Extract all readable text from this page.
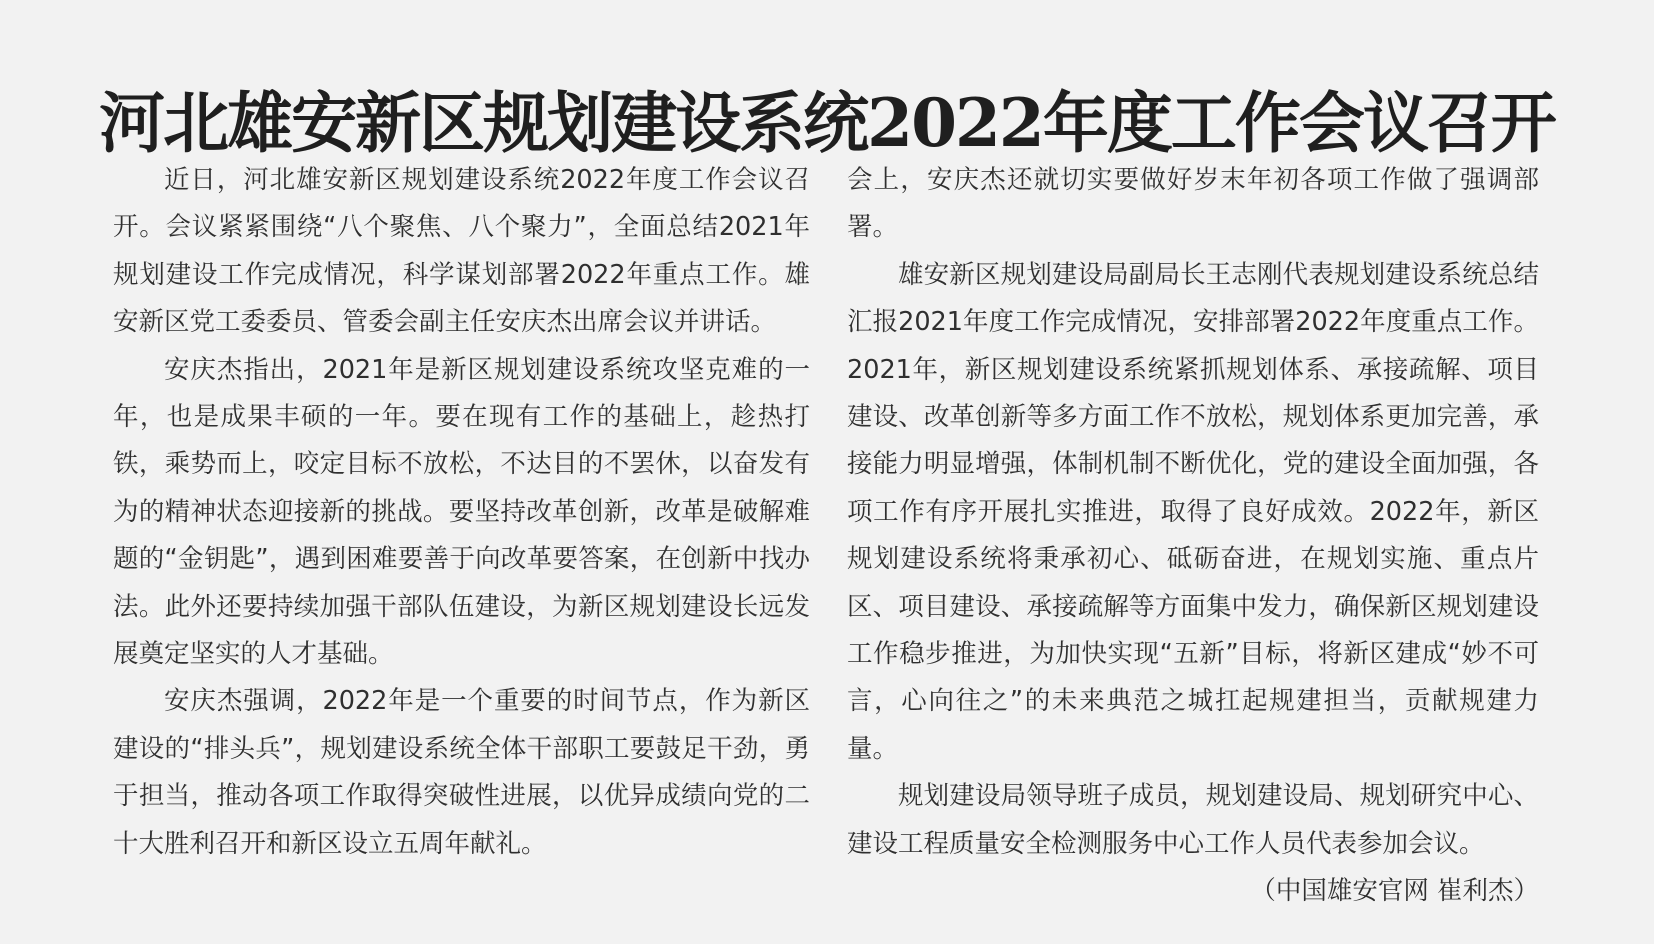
河北雄安新区规划建设系统2022年度工作会议召开

近日，河北雄安新区规划建设系统2022年度工作会议召开。会议紧紧围绕“八个聚焦、八个聚力”，全面总结2021年规划建设工作完成情况，科学谋划部署2022年重点工作。雄安新区党工委委员、管委会副主任安庆杰出席会议并讲话。

安庆杰指出，2021年是新区规划建设系统攻坚克难的一年，也是成果丰硕的一年。要在现有工作的基础上，趁热打铁，乘势而上，咬定目标不放松，不达目的不罢休，以奋发有为的精神状态迎接新的挑战。要坚持改革创新，改革是破解难题的“金钥匙”，遇到困难要善于向改革要答案，在创新中找办法。此外还要持续加强干部队伍建设，为新区规划建设长远发展奠定坚实的人才基础。

安庆杰强调，2022年是一个重要的时间节点，作为新区建设的“排头兵”，规划建设系统全体干部职工要鼓足干劲，勇于担当，推动各项工作取得突破性进展，以优异成绩向党的二十大胜利召开和新区设立五周年献礼。

会上，安庆杰还就切实要做好岁末年初各项工作做了强调部署。

雄安新区规划建设局副局长王志刚代表规划建设系统总结汇报2021年度工作完成情况，安排部署2022年度重点工作。2021年，新区规划建设系统紧抓规划体系、承接疏解、项目建设、改革创新等多方面工作不放松，规划体系更加完善，承接能力明显增强，体制机制不断优化，党的建设全面加强，各项工作有序开展扎实推进，取得了良好成效。2022年，新区规划建设系统将秉承初心、砥砺奋进，在规划实施、重点片区、项目建设、承接疏解等方面集中发力，确保新区规划建设工作稳步推进，为加快实现“五新”目标，将新区建成“妙不可言，心向往之”的未来典范之城扛起规建担当，贡献规建力量。

规划建设局领导班子成员，规划建设局、规划研究中心、建设工程质量安全检测服务中心工作人员代表参加会议。
（中国雄安官网 崔利杰）
